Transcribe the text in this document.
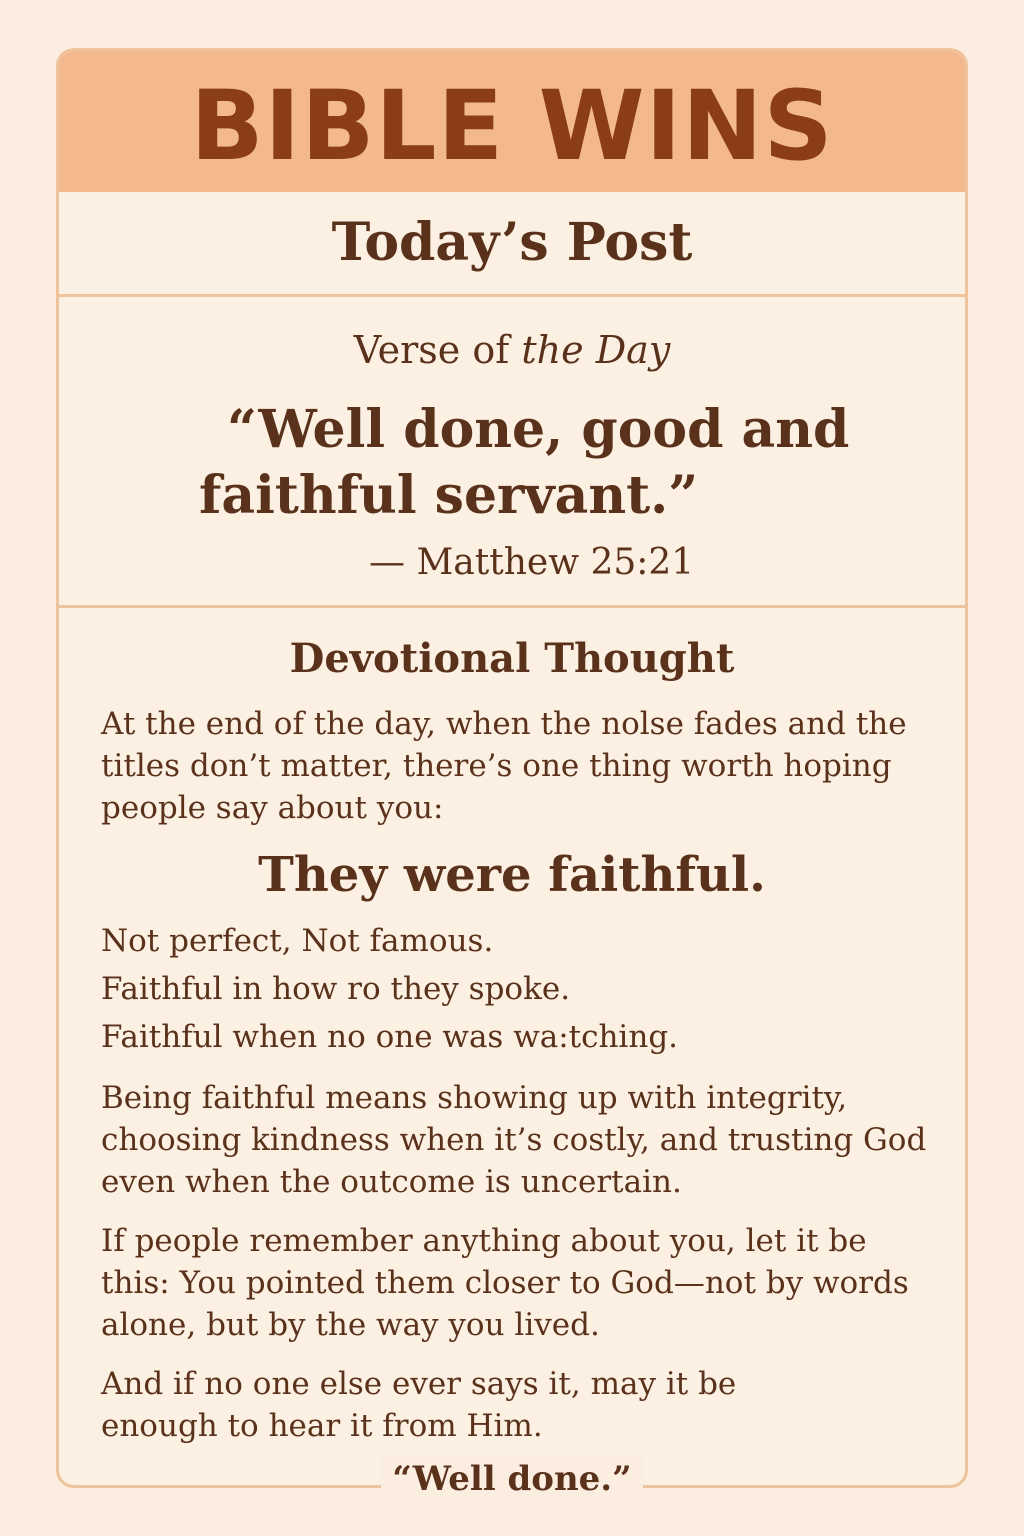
BIBLE WINS
Today’s Post
Verse of the Day
“Well done, good and
faithful servant.”
— Matthew 25:21
Devotional Thought

At the end of the day, when the nolse fades and the titles don’t matter, there’s one thing worth hoping people say about you:

They were faithful.
Not perfect, Not famous.
Faithful in how ro they spoke.
Faithful when no one was wa:tching.

Being faithful means showing up with integrity, choosing kindness when it’s costly, and trusting God even when the outcome is uncertain.

If people remember anything about you, let it be this: You pointed them closer to God—not by words alone, but by the way you lived.

And if no one else ever says it, may it be enough to hear it from Him.

“Well done.”
